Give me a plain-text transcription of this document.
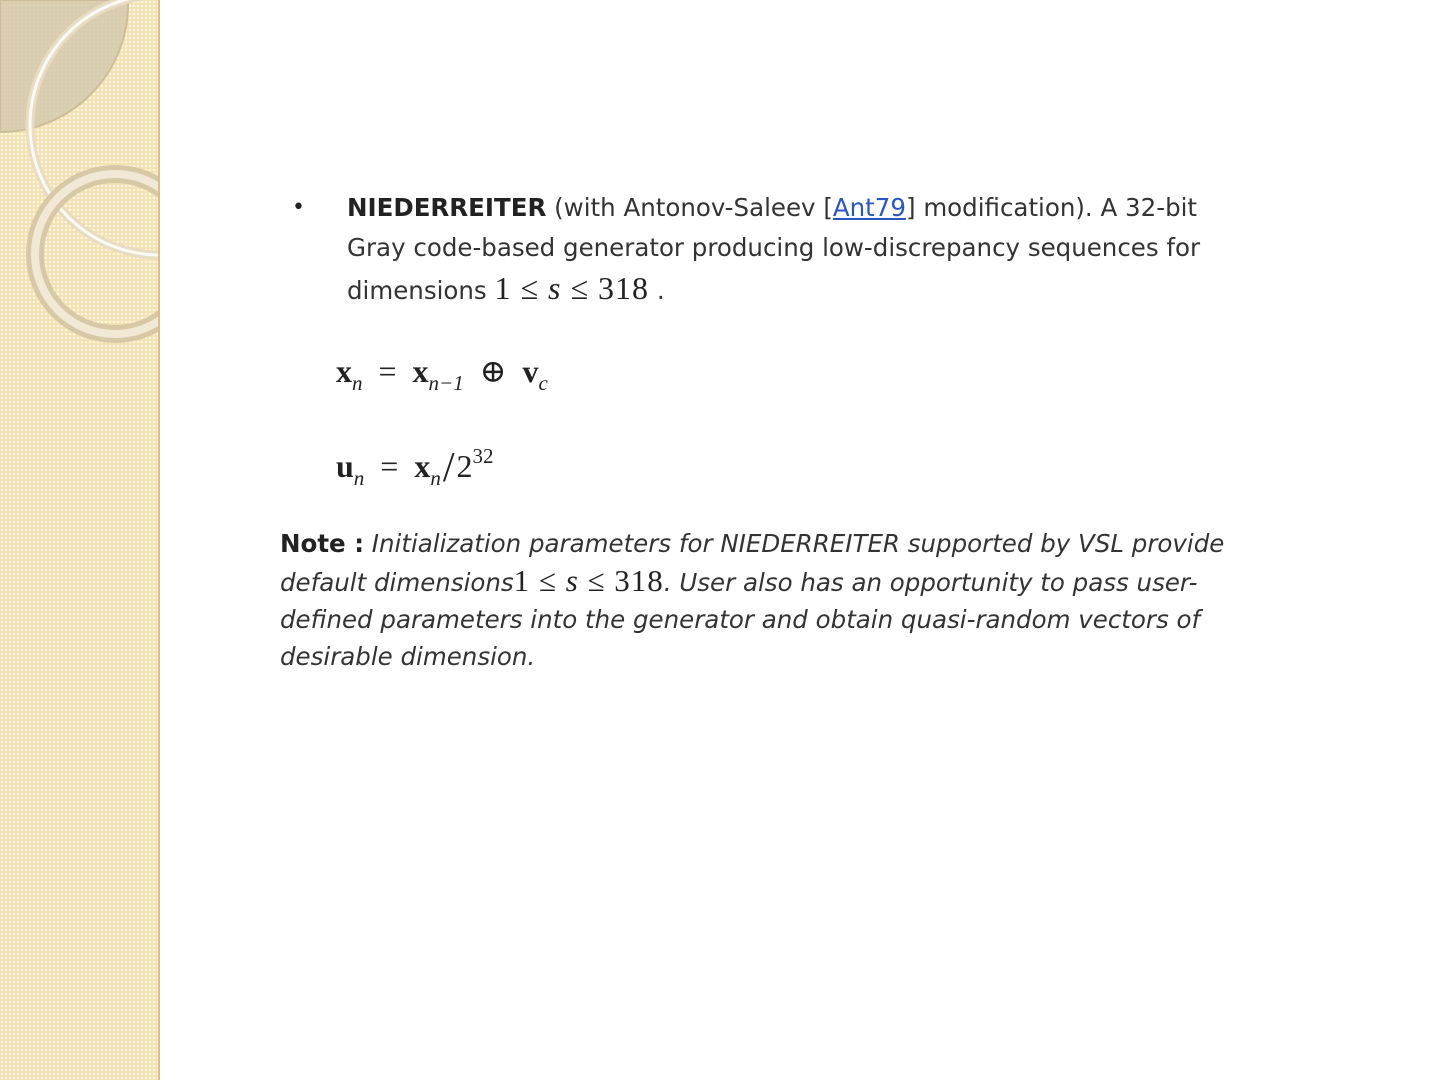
•	NIEDERREITER (with Antonov-Saleev [Ant79] modification). A 32-bit Gray code-based generator producing low-discrepancy sequences for dimensions 1 ≤ s ≤ 318 .
$x_n = x_{n-1}$ ⊕ $v_c$
$u_n = x_n/2^{32}$
Note : Initialization parameters for NIEDERREITER supported by VSL provide default dimensions1 ≤ s ≤ 318. User also has an opportunity to pass user-defined parameters into the generator and obtain quasi-random vectors of desirable dimension.
